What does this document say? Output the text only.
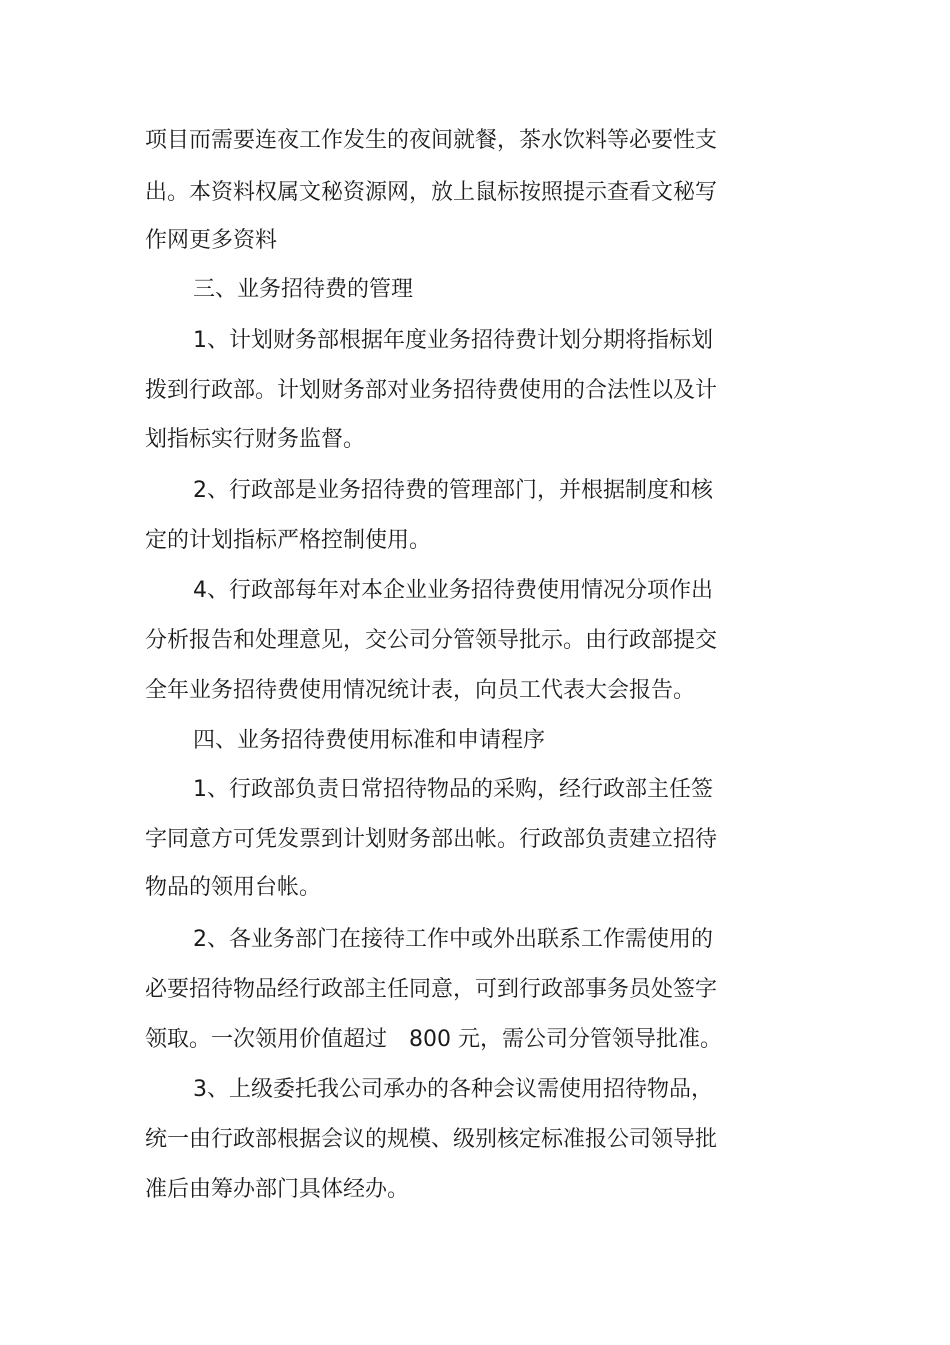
项目而需要连夜工作发生的夜间就餐，茶水饮料等必要性支
出。本资料权属文秘资源网，放上鼠标按照提示查看文秘写
作网更多资料
三、业务招待费的管理
1、计划财务部根据年度业务招待费计划分期将指标划
拨到行政部。计划财务部对业务招待费使用的合法性以及计
划指标实行财务监督。
2、行政部是业务招待费的管理部门，并根据制度和核
定的计划指标严格控制使用。
4、行政部每年对本企业业务招待费使用情况分项作出
分析报告和处理意见，交公司分管领导批示。由行政部提交
全年业务招待费使用情况统计表，向员工代表大会报告。
四、业务招待费使用标准和申请程序
1、行政部负责日常招待物品的采购，经行政部主任签
字同意方可凭发票到计划财务部出帐。行政部负责建立招待
物品的领用台帐。
2、各业务部门在接待工作中或外出联系工作需使用的
必要招待物品经行政部主任同意，可到行政部事务员处签字
领取。一次领用价值超过　800 元，需公司分管领导批准。
3、上级委托我公司承办的各种会议需使用招待物品，
统一由行政部根据会议的规模、级别核定标准报公司领导批
准后由筹办部门具体经办。
